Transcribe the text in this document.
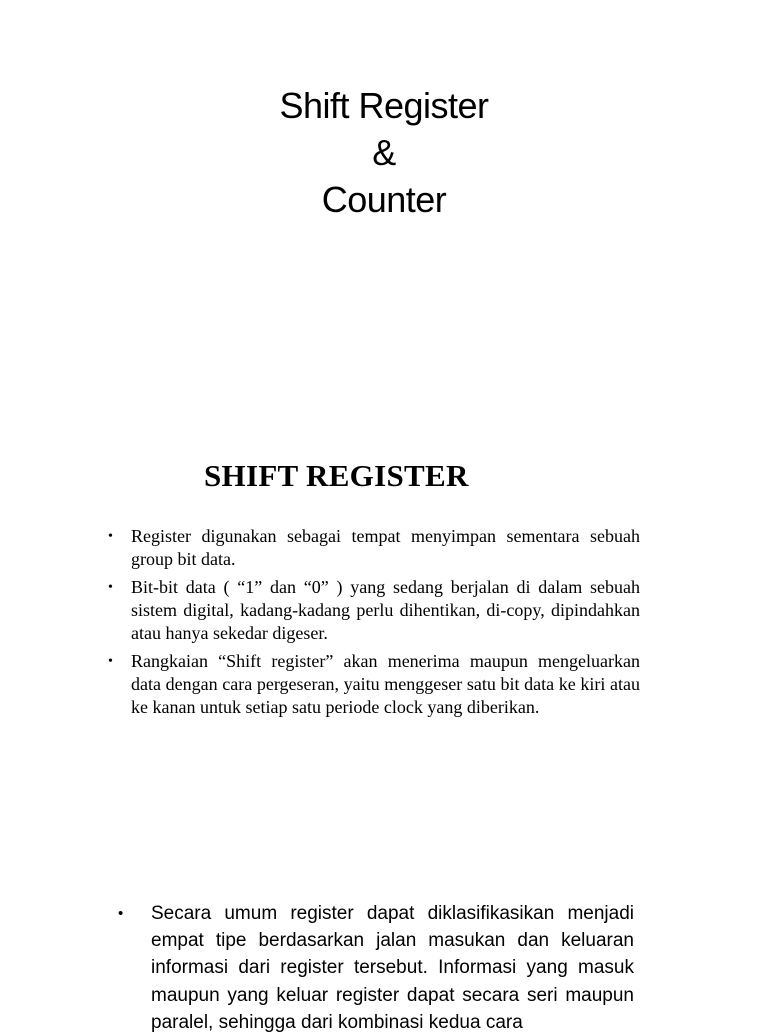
Shift Register
&
Counter
SHIFT REGISTER
• Register digunakan sebagai tempat menyimpan sementara sebuah group bit data.
• Bit-bit data ( “1” dan “0” ) yang sedang berjalan di dalam sebuah sistem digital, kadang-kadang perlu dihentikan, di-copy, dipindahkan atau hanya sekedar digeser.
• Rangkaian “Shift register” akan menerima maupun mengeluarkan data dengan cara pergeseran, yaitu menggeser satu bit data ke kiri atau ke kanan untuk setiap satu periode clock yang diberikan.
• Secara umum register dapat diklasifikasikan menjadi empat tipe berdasarkan jalan masukan dan keluaran informasi dari register tersebut. Informasi yang masuk maupun yang keluar register dapat secara seri maupun paralel, sehingga dari kombinasi kedua cara
